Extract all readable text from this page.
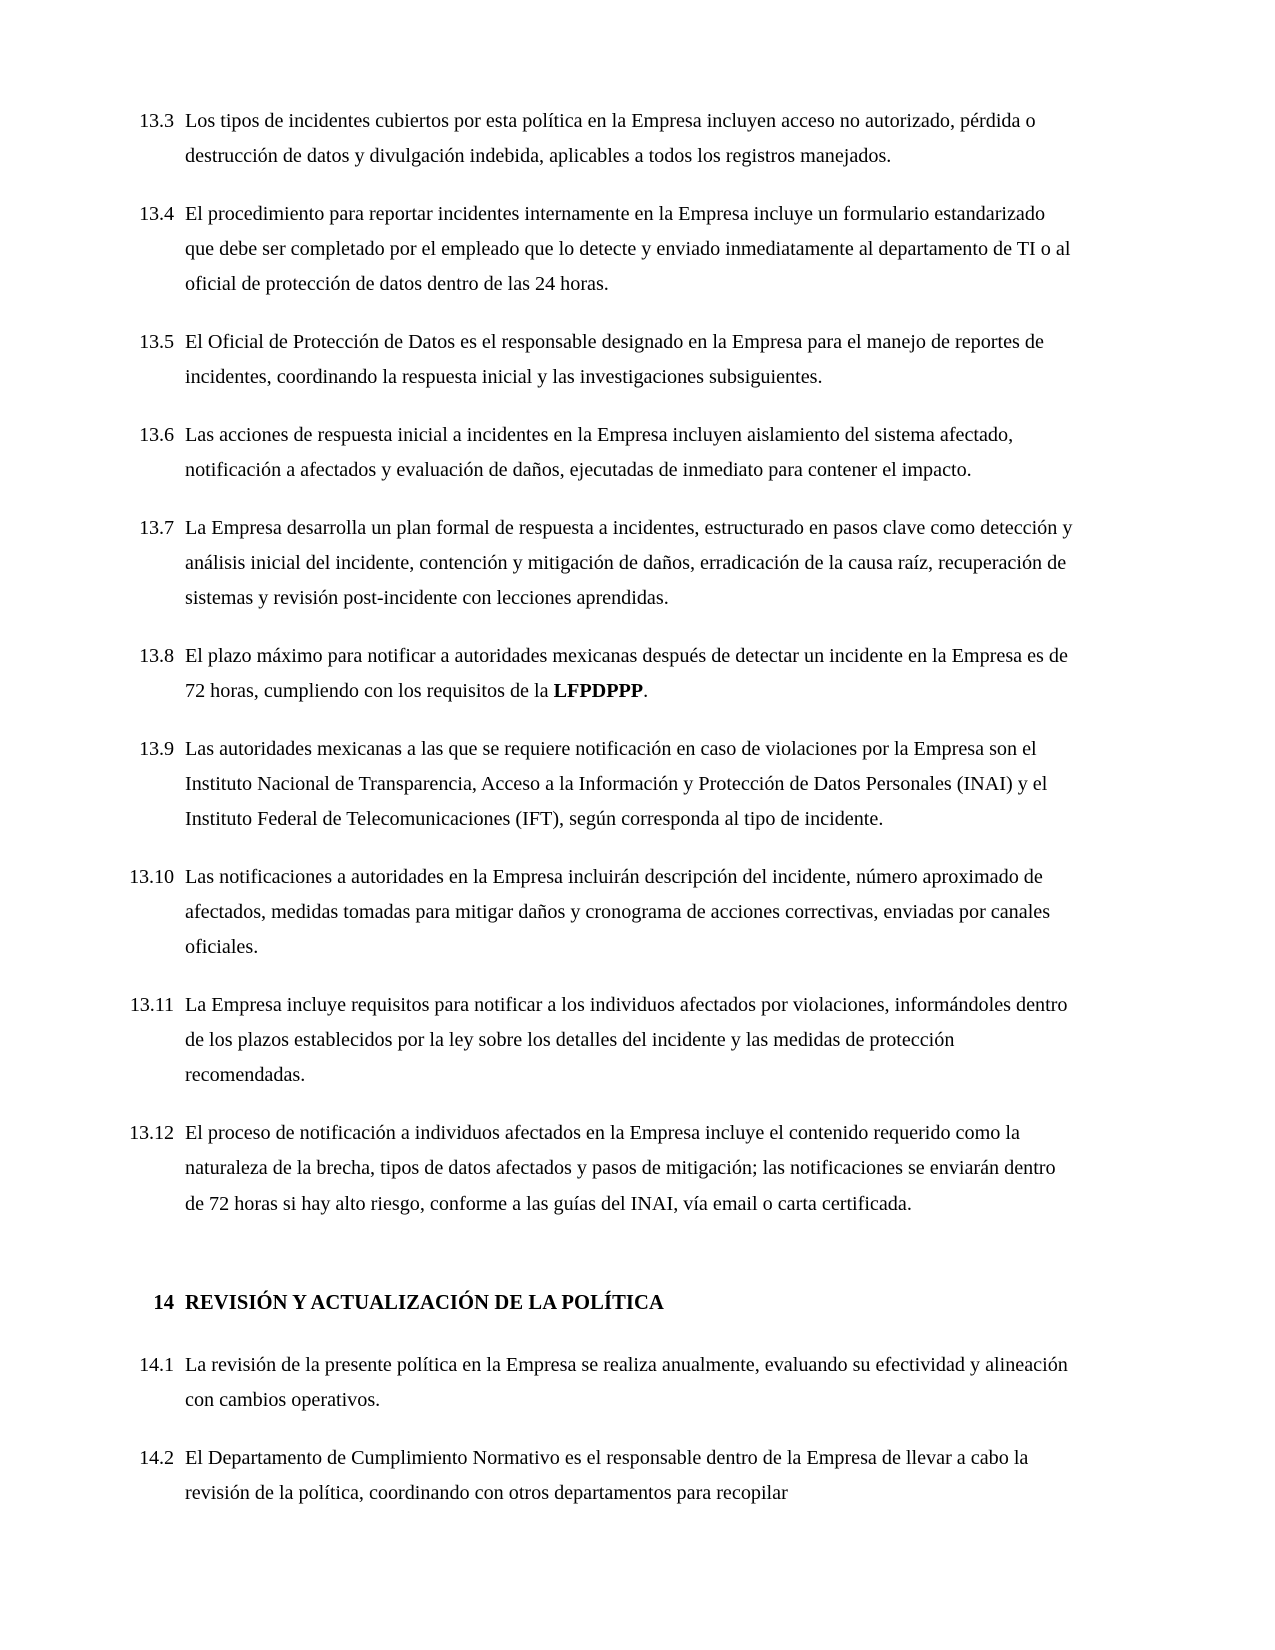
13.3 Los tipos de incidentes cubiertos por esta política en la Empresa incluyen acceso no autorizado, pérdida o destrucción de datos y divulgación indebida, aplicables a todos los registros manejados.
13.4 El procedimiento para reportar incidentes internamente en la Empresa incluye un formulario estandarizado que debe ser completado por el empleado que lo detecte y enviado inmediatamente al departamento de TI o al oficial de protección de datos dentro de las 24 horas.
13.5 El Oficial de Protección de Datos es el responsable designado en la Empresa para el manejo de reportes de incidentes, coordinando la respuesta inicial y las investigaciones subsiguientes.
13.6 Las acciones de respuesta inicial a incidentes en la Empresa incluyen aislamiento del sistema afectado, notificación a afectados y evaluación de daños, ejecutadas de inmediato para contener el impacto.
13.7 La Empresa desarrolla un plan formal de respuesta a incidentes, estructurado en pasos clave como detección y análisis inicial del incidente, contención y mitigación de daños, erradicación de la causa raíz, recuperación de sistemas y revisión post-incidente con lecciones aprendidas.
13.8 El plazo máximo para notificar a autoridades mexicanas después de detectar un incidente en la Empresa es de 72 horas, cumpliendo con los requisitos de la LFPDPPP.
13.9 Las autoridades mexicanas a las que se requiere notificación en caso de violaciones por la Empresa son el Instituto Nacional de Transparencia, Acceso a la Información y Protección de Datos Personales (INAI) y el Instituto Federal de Telecomunicaciones (IFT), según corresponda al tipo de incidente.
13.10 Las notificaciones a autoridades en la Empresa incluirán descripción del incidente, número aproximado de afectados, medidas tomadas para mitigar daños y cronograma de acciones correctivas, enviadas por canales oficiales.
13.11 La Empresa incluye requisitos para notificar a los individuos afectados por violaciones, informándoles dentro de los plazos establecidos por la ley sobre los detalles del incidente y las medidas de protección recomendadas.
13.12 El proceso de notificación a individuos afectados en la Empresa incluye el contenido requerido como la naturaleza de la brecha, tipos de datos afectados y pasos de mitigación; las notificaciones se enviarán dentro de 72 horas si hay alto riesgo, conforme a las guías del INAI, vía email o carta certificada.
14 REVISIÓN Y ACTUALIZACIÓN DE LA POLÍTICA
14.1 La revisión de la presente política en la Empresa se realiza anualmente, evaluando su efectividad y alineación con cambios operativos.
14.2 El Departamento de Cumplimiento Normativo es el responsable dentro de la Empresa de llevar a cabo la revisión de la política, coordinando con otros departamentos para recopilar
